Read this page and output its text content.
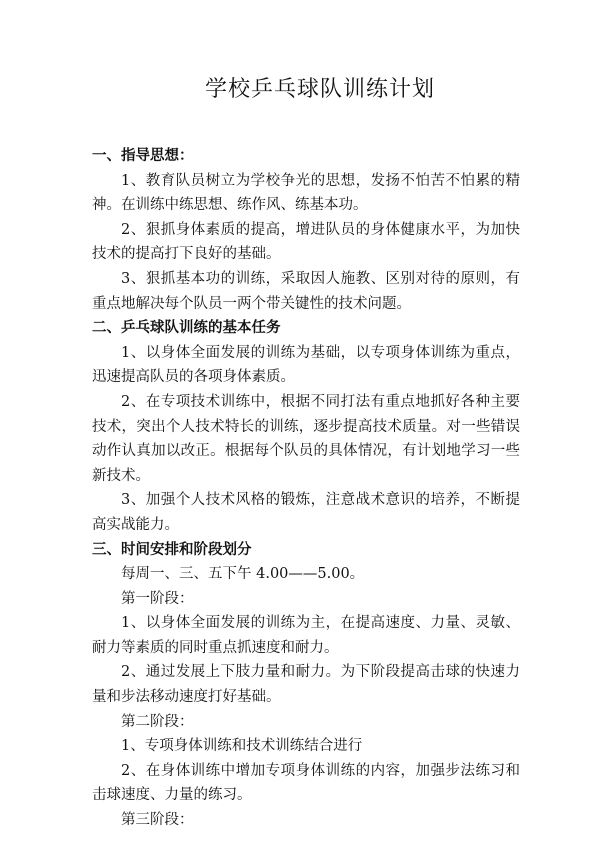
学校乒乓球队训练计划

一、指导思想：

1、教育队员树立为学校争光的思想，发扬不怕苦不怕累的精神。在训练中练思想、练作风、练基本功。

2、狠抓身体素质的提高，增进队员的身体健康水平，为加快技术的提高打下良好的基础。

3、狠抓基本功的训练，采取因人施教、区别对待的原则，有重点地解决每个队员一两个带关键性的技术问题。

二、乒乓球队训练的基本任务

1、以身体全面发展的训练为基础，以专项身体训练为重点，迅速提高队员的各项身体素质。

2、在专项技术训练中，根据不同打法有重点地抓好各种主要技术，突出个人技术特长的训练，逐步提高技术质量。对一些错误动作认真加以改正。根据每个队员的具体情况，有计划地学习一些新技术。

3、加强个人技术风格的锻炼，注意战术意识的培养，不断提高实战能力。

三、时间安排和阶段划分

每周一、三、五下午 4.00——5.00。

第一阶段：

1、以身体全面发展的训练为主，在提高速度、力量、灵敏、耐力等素质的同时重点抓速度和耐力。

2、通过发展上下肢力量和耐力。为下阶段提高击球的快速力量和步法移动速度打好基础。

第二阶段：

1、专项身体训练和技术训练结合进行

2、在身体训练中增加专项身体训练的内容，加强步法练习和击球速度、力量的练习。

第三阶段：
